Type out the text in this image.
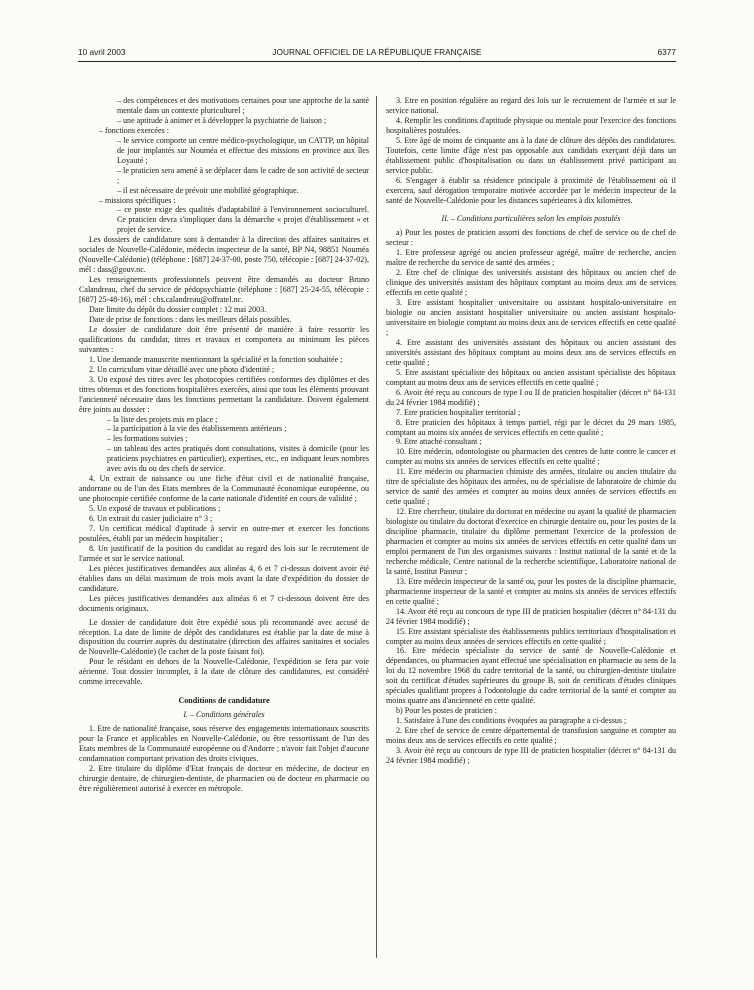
10 avril 2003	JOURNAL OFFICIEL DE LA RÉPUBLIQUE FRANÇAISE	6377

– des compétences et des motivations certaines pour une approche de la santé mentale dans un contexte pluriculturel ;

– une aptitude à animer et à développer la psychiatrie de liaison ;

– fonctions exercées :

– le service comporte un centre médico-psychologique, un CATTP, un hôpital de jour implantés sur Nouméa et effectue des missions en province aux îles Loyauté ;

– le praticien sera amené à se déplacer dans le cadre de son activité de secteur ;

– il est nécessaire de prévoir une mobilité géographique.

– missions spécifiques :

– ce poste exige des qualités d'adaptabilité à l'environnement socioculturel. Ce praticien devra s'impliquer dans la démarche « projet d'établissement » et projet de service.

Les dossiers de candidature sont à demander à la direction des affaires sanitaires et sociales de Nouvelle-Calédonie, médecin inspecteur de la santé, BP N4, 98851 Nouméa (Nouvelle-Calédonie) (téléphone : [687] 24-37-00, poste 750, télécopie : [687] 24-37-02), mél : dass@gouv.nc.

Les renseignements professionnels peuvent être demandés au docteur Bruno Calandreau, chef du service de pédopsychiatrie (téléphone : [687] 25-24-55, télécopie : [687] 25-48-16), mél : chs.calandreau@offratel.nc.

Date limite du dépôt du dossier complet : 12 mai 2003.

Date de prise de fonctions : dans les meilleurs délais possibles.

Le dossier de candidature doit être présenté de manière à faire ressortir les qualifications du candidat, titres et travaux et comportera au minimum les pièces suivantes :

1. Une demande manuscrite mentionnant la spécialité et la fonction souhaitée ;

2. Un curriculum vitae détaillé avec une photo d'identité ;

3. Un exposé des titres avec les photocopies certifiées conformes des diplômes et des titres obtenus et des fonctions hospitalières exercées, ainsi que tous les éléments prouvant l'ancienneté nécessaire dans les fonctions permettant la candidature. Doivent également être joints au dossier :

– la liste des projets mis en place ;

– la participation à la vie des établissements antérieurs ;

– les formations suivies ;

– un tableau des actes pratiqués dont consultations, visites à domicile (pour les praticiens psychiatres en particulier), expertises, etc., en indiquant leurs nombres avec avis du ou des chefs de service.

4. Un extrait de naissance ou une fiche d'état civil et de nationalité française, andorrane ou de l'un des Etats membres de la Communauté économique européenne, ou une photocopie certifiée conforme de la carte nationale d'identité en cours de validité ;

5. Un exposé de travaux et publications ;

6. Un extrait du casier judiciaire n° 3 ;

7. Un certificat médical d'aptitude à servir en outre-mer et exercer les fonctions postulées, établi par un médecin hospitalier ;

8. Un justificatif de la position du candidat au regard des lois sur le recrutement de l'armée et sur le service national.

Les pièces justificatives demandées aux alinéas 4, 6 et 7 ci-dessus doivent avoir été établies dans un délai maximum de trois mois avant la date d'expédition du dossier de candidature.

Les pièces justificatives demandées aux alinéas 6 et 7 ci-dessous doivent être des documents originaux.

Le dossier de candidature doit être expédié sous pli recommandé avec accusé de réception. La date de limite de dépôt des candidatures est établie par la date de mise à disposition du courrier auprès du destinataire (direction des affaires sanitaires et sociales de Nouvelle-Calédonie) (le cachet de la poste faisant foi).

Pour le résidant en dehors de la Nouvelle-Calédonie, l'expédition se fera par voie aérienne. Tout dossier incomplet, à la date de clôture des candidatures, est considéré comme irrecevable.

Conditions de candidature

I. – Conditions générales

1. Etre de nationalité française, sous réserve des engagements internationaux souscrits pour la France et applicables en Nouvelle-Calédonie, ou être ressortissant de l'un des Etats membres de la Communauté européenne ou d'Andorre ; n'avoir fait l'objet d'aucune condamnation comportant privation des droits civiques.

2. Etre titulaire du diplôme d'Etat français de docteur en médecine, de docteur en chirurgie dentaire, de chirurgien-dentiste, de pharmacien ou de docteur en pharmacie ou être régulièrement autorisé à exercer en métropole.

3. Etre en position régulière au regard des lois sur le recrutement de l'armée et sur le service national.

4. Remplir les conditions d'aptitude physique ou mentale pour l'exercice des fonctions hospitalières postulées.

5. Etre âgé de moins de cinquante ans à la date de clôture des dépôts des candidatures. Toutefois, cette limite d'âge n'est pas opposable aux candidats exerçant déjà dans un établissement public d'hospitalisation ou dans un établissement privé participant au service public.

6. S'engager à établir sa résidence principale à proximité de l'établissement où il exercera, sauf dérogation temporaire motivée accordée par le médecin inspecteur de la santé de Nouvelle-Calédonie pour les distances supérieures à dix kilomètres.

II. – Conditions particulières selon les emplois postulés

a) Pour les postes de praticien assorti des fonctions de chef de service ou de chef de secteur :

1. Etre professeur agrégé ou ancien professeur agrégé, maître de recherche, ancien maître de recherche du service de santé des armées ;

2. Etre chef de clinique des universités assistant des hôpitaux ou ancien chef de clinique des universités assistant des hôpitaux comptant au moins deux ans de services effectifs en cette qualité ;

3. Etre assistant hospitalier universitaire ou assistant hospitalo-universitaire en biologie ou ancien assistant hospitalier universitaire ou ancien assistant hospitalo-universitaire en biologie comptant au moins deux ans de services effectifs en cette qualité ;

4. Etre assistant des universités assistant des hôpitaux ou ancien assistant des universités assistant des hôpitaux comptant au moins deux ans de services effectifs en cette qualité ;

5. Etre assistant spécialiste des hôpitaux ou ancien assistant spécialiste des hôpitaux comptant au moins deux ans de services effectifs en cette qualité ;

6. Avoir été reçu au concours de type I ou II de praticien hospitalier (décret n° 84-131 du 24 février 1984 modifié) ;

7. Etre praticien hospitalier territorial ;

8. Etre praticien des hôpitaux à temps partiel, régi par le décret du 29 mars 1985, comptant au moins six années de services effectifs en cette qualité ;

9. Etre attaché consultant ;

10. Etre médecin, odontologiste ou pharmacien des centres de lutte contre le cancer et compter au moins six années de services effectifs en cette qualité ;

11. Etre médecin ou pharmacien chimiste des armées, titulaire ou ancien titulaire du titre de spécialiste des hôpitaux des armées, ou de spécialiste de laboratoire de chimie du service de santé des armées et compter au moins deux années de services effectifs en cette qualité ;

12. Etre chercheur, titulaire du doctorat en médecine ou ayant la qualité de pharmacien biologiste ou titulaire du doctorat d'exercice en chirurgie dentaire ou, pour les postes de la discipline pharmacie, titulaire du diplôme permettant l'exercice de la profession de pharmacien et compter au moins six années de services effectifs en cette qualité dans un emploi permanent de l'un des organismes suivants : Institut national de la santé et de la recherche médicale, Centre national de la recherche scientifique, Laboratoire national de la santé, Institut Pasteur ;

13. Etre médecin inspecteur de la santé ou, pour les postes de la discipline pharmacie, pharmacienne inspecteur de la santé et compter au moins six années de services effectifs en cette qualité ;

14. Avoir été reçu au concours de type III de praticien hospitalier (décret n° 84-131 du 24 février 1984 modifié) ;

15. Etre assistant spécialiste des établissements publics territoriaux d'hospitalisation et compter au moins deux années de services effectifs en cette qualité ;

16. Etre médecin spécialiste du service de santé de Nouvelle-Calédonie et dépendances, ou pharmacien ayant effectué une spécialisation en pharmacie au sens de la loi du 12 novembre 1968 du cadre territorial de la santé, ou chirurgien-dentiste titulaire soit du certificat d'études supérieures du groupe B, soit de certificats d'études cliniques spéciales qualifiant propres à l'odontologie du cadre territorial de la santé et compter au moins quatre ans d'ancienneté en cette qualité.

b) Pour les postes de praticien :

1. Satisfaire à l'une des conditions évoquées au paragraphe a ci-dessus ;

2. Etre chef de service de centre départemental de transfusion sanguine et compter au moins deux ans de services effectifs en cette qualité ;

3. Avoir été reçu au concours de type III de praticien hospitalier (décret n° 84-131 du 24 février 1984 modifié) ;
